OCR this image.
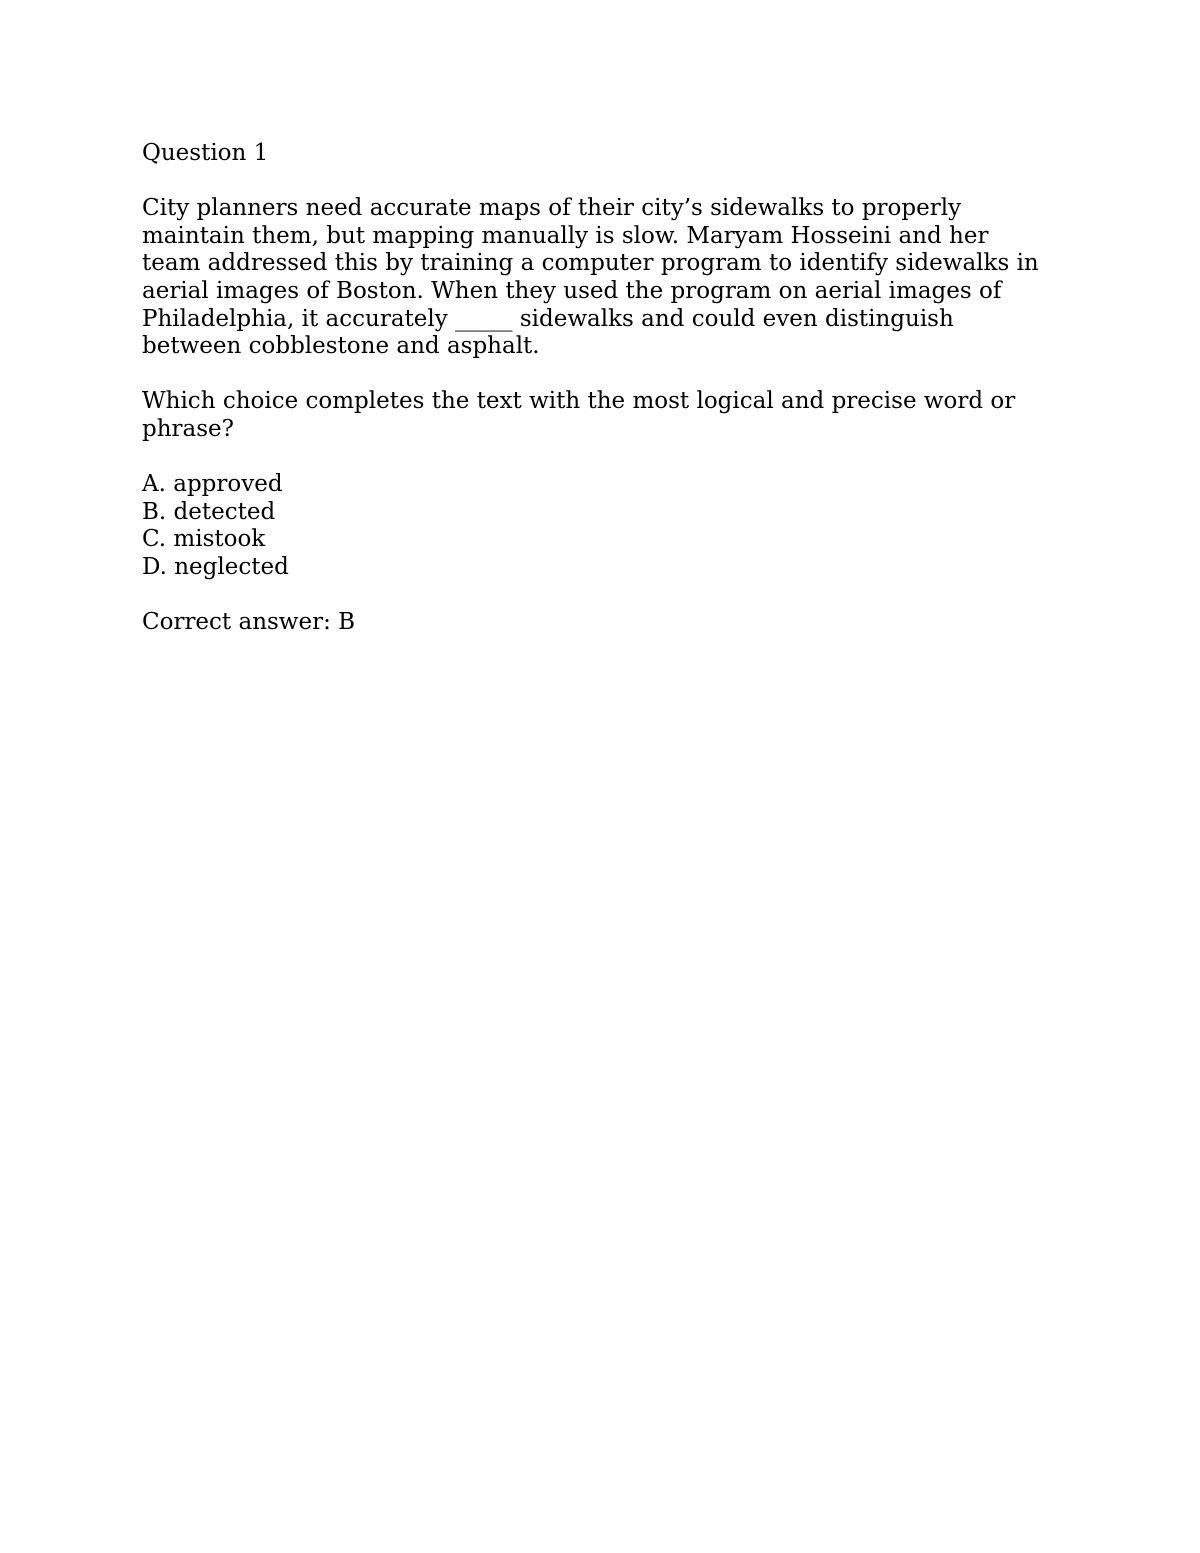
Question 1

City planners need accurate maps of their city’s sidewalks to properly
maintain them, but mapping manually is slow. Maryam Hosseini and her
team addressed this by training a computer program to identify sidewalks in
aerial images of Boston. When they used the program on aerial images of
Philadelphia, it accurately _____ sidewalks and could even distinguish
between cobblestone and asphalt.

Which choice completes the text with the most logical and precise word or
phrase?

A. approved
B. detected
C. mistook
D. neglected

Correct answer: B
